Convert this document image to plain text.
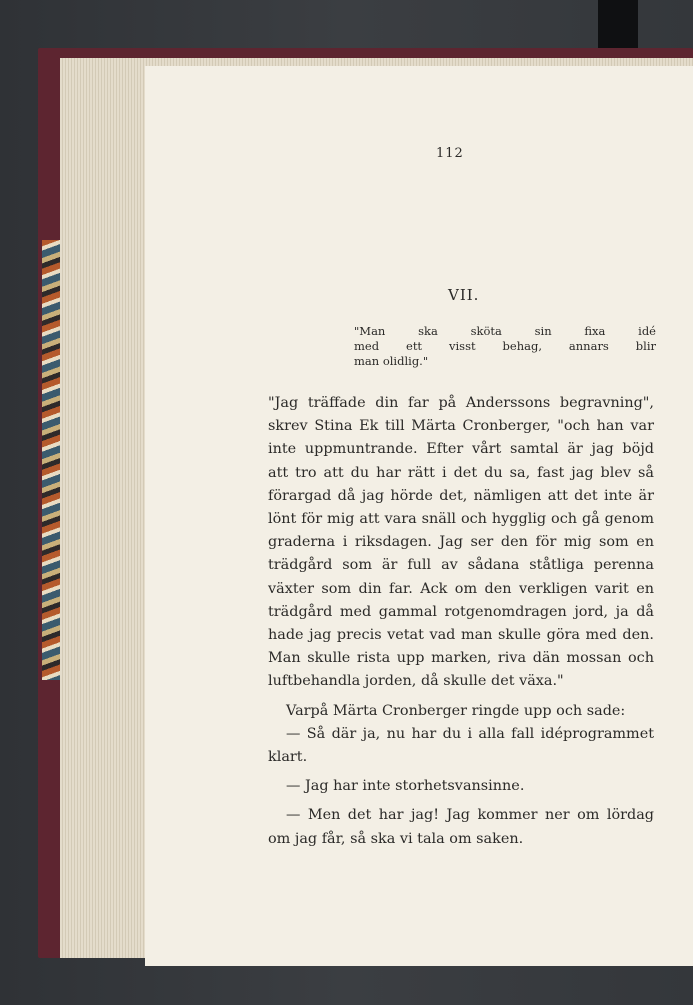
112
VII.
"Man ska sköta sin fixa idé
med ett visst behag, annars blir
man olidlig."
"Jag träffade din far på Anderssons begravning",
skrev Stina Ek till Märta Cronberger, "och han var
inte uppmuntrande. Efter vårt samtal är jag böjd
att tro att du har rätt i det du sa, fast jag blev så
förargad då jag hörde det, nämligen att det inte är
lönt för mig att vara snäll och hygglig och gå genom
graderna i riksdagen. Jag ser den för mig som en
trädgård som är full av sådana ståtliga perenna
växter som din far. Ack om den verkligen varit en
trädgård med gammal rotgenomdragen jord, ja då
hade jag precis vetat vad man skulle göra med den.
Man skulle rista upp marken, riva dän mossan och
luftbehandla jorden, då skulle det växa."
Varpå Märta Cronberger ringde upp och sade:
— Så där ja, nu har du i alla fall idéprogrammet
klart.
— Jag har inte storhetsvansinne.
— Men det har jag! Jag kommer ner om lördag
om jag får, så ska vi tala om saken.
